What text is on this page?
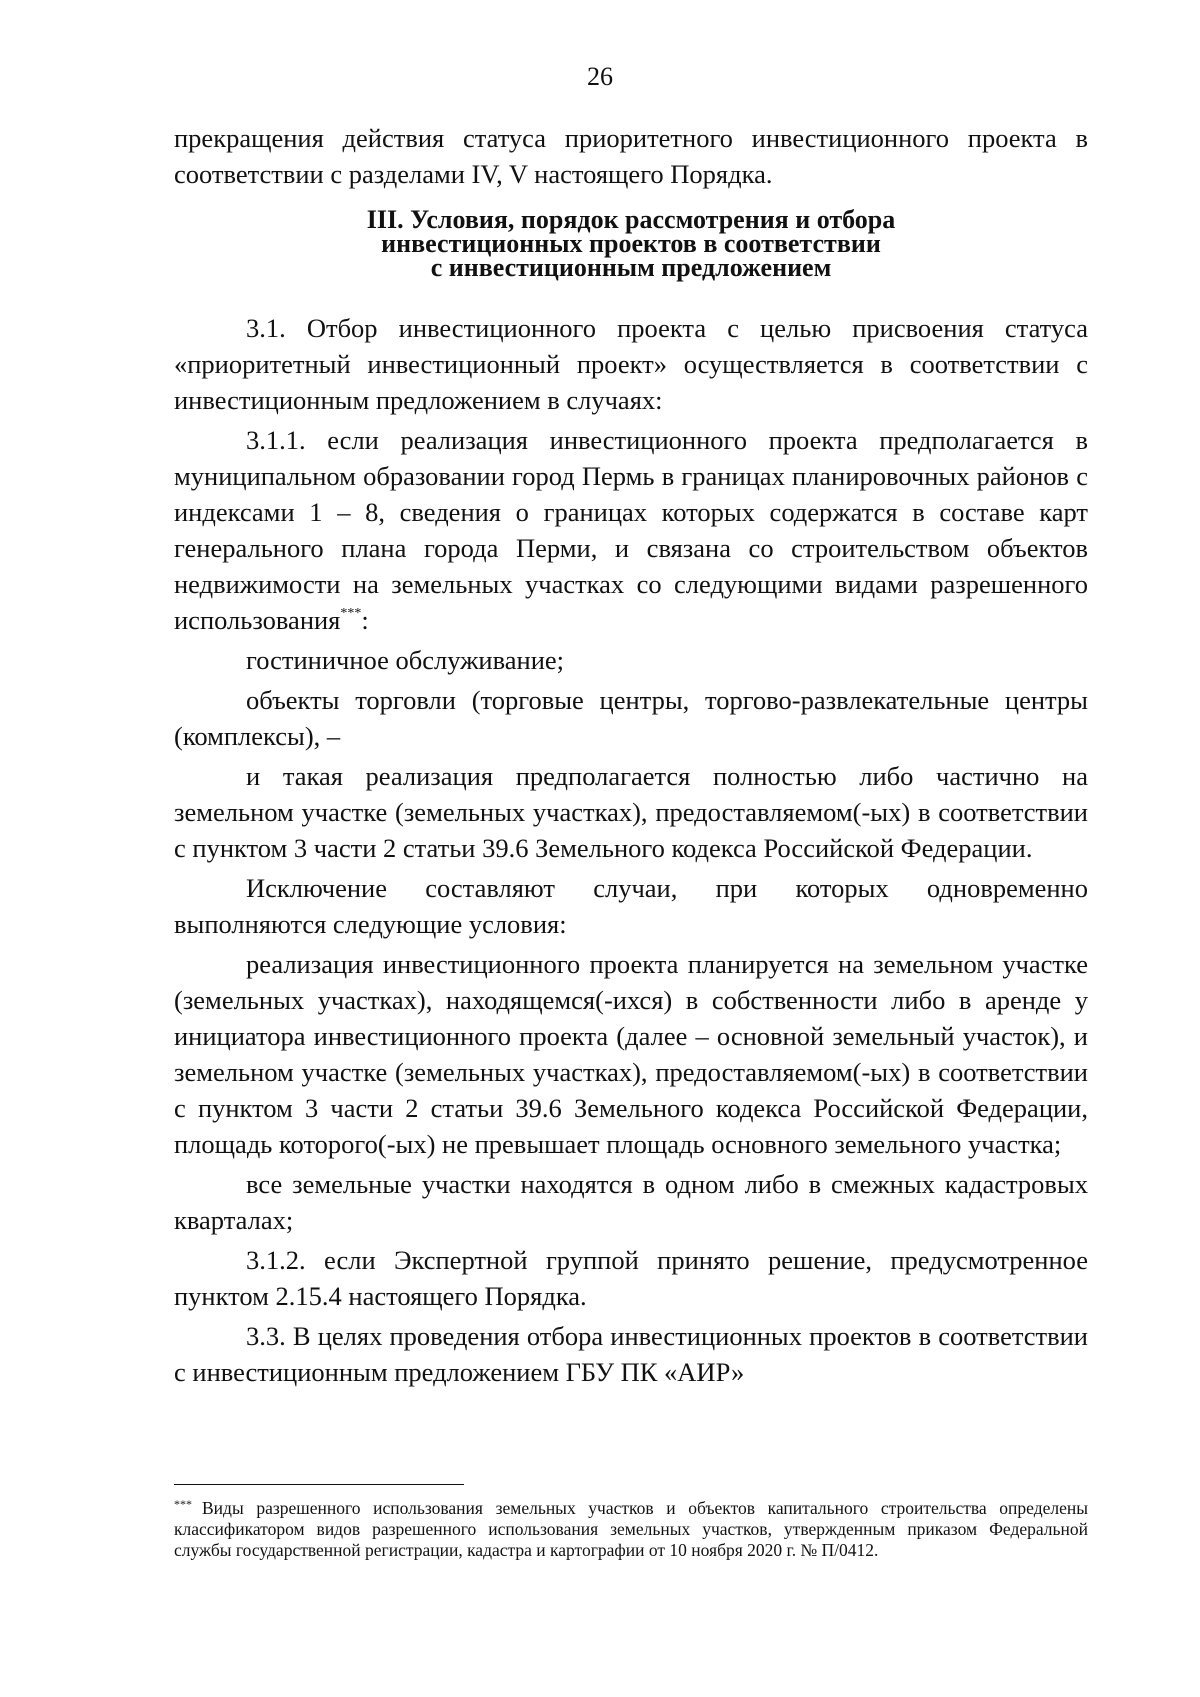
26

прекращения действия статуса приоритетного инвестиционного проекта в соответствии с разделами IV, V настоящего Порядка.

III. Условия, порядок рассмотрения и отбора
инвестиционных проектов в соответствии
с инвестиционным предложением

3.1. Отбор инвестиционного проекта с целью присвоения статуса «приоритетный инвестиционный проект» осуществляется в соответствии с инвестиционным предложением в случаях:

3.1.1. если реализация инвестиционного проекта предполагается в муниципальном образовании город Пермь в границах планировочных районов с индексами 1 – 8, сведения о границах которых содержатся в составе карт генерального плана города Перми, и связана со строительством объектов недвижимости на земельных участках со следующими видами разрешенного использования***:

гостиничное обслуживание;

объекты торговли (торговые центры, торгово-развлекательные центры (комплексы), –

и такая реализация предполагается полностью либо частично на земельном участке (земельных участках), предоставляемом(-ых) в соответствии с пунктом 3 части 2 статьи 39.6 Земельного кодекса Российской Федерации.

Исключение составляют случаи, при которых одновременно выполняются следующие условия:

реализация инвестиционного проекта планируется на земельном участке (земельных участках), находящемся(-ихся) в собственности либо в аренде у инициатора инвестиционного проекта (далее – основной земельный участок), и земельном участке (земельных участках), предоставляемом(-ых) в соответствии с пунктом 3 части 2 статьи 39.6 Земельного кодекса Российской Федерации, площадь которого(-ых) не превышает площадь основного земельного участка;

все земельные участки находятся в одном либо в смежных кадастровых кварталах;

3.1.2. если Экспертной группой принято решение, предусмотренное пунктом 2.15.4 настоящего Порядка.

3.3. В целях проведения отбора инвестиционных проектов в соответствии с инвестиционным предложением ГБУ ПК «АИР»

*** Виды разрешенного использования земельных участков и объектов капитального строительства определены классификатором видов разрешенного использования земельных участков, утвержденным приказом Федеральной службы государственной регистрации, кадастра и картографии от 10 ноября 2020 г. № П/0412.
